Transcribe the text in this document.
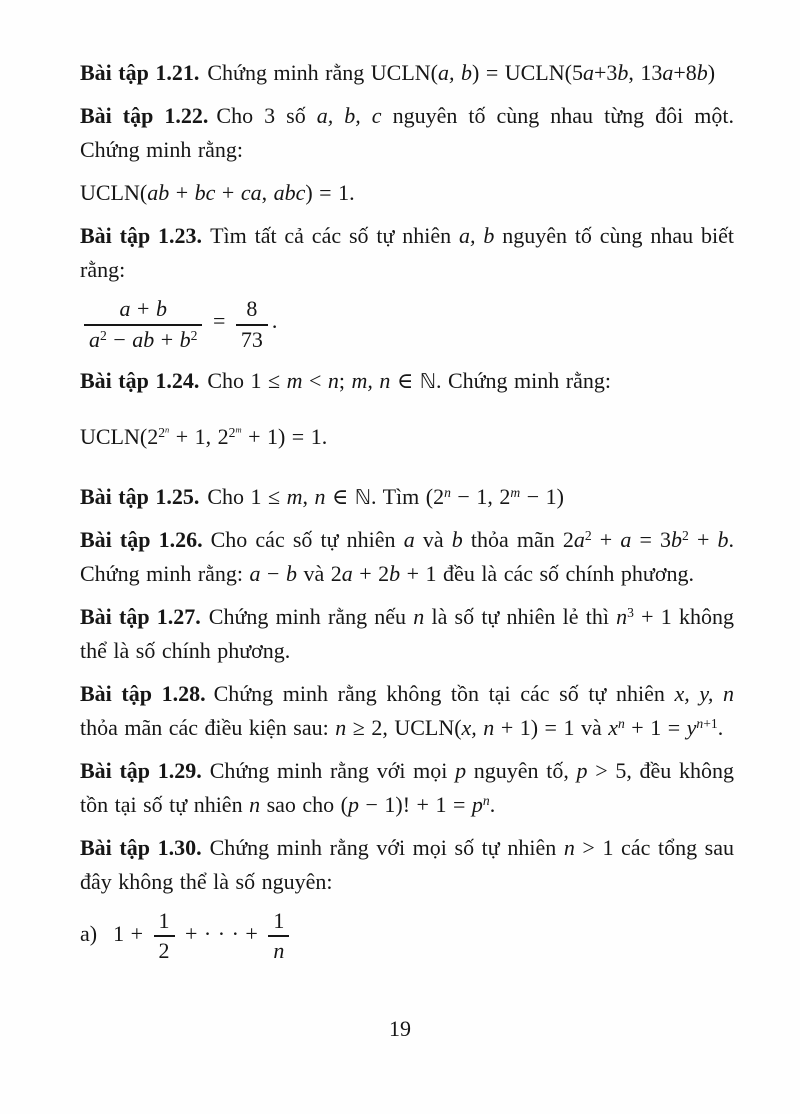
Bài tập 1.21. Chứng minh rằng UCLN(a, b) = UCLN(5a+3b, 13a+8b)

Bài tập 1.22. Cho 3 số a, b, c nguyên tố cùng nhau từng đôi một. Chứng minh rằng:

UCLN(ab + bc + ca, abc) = 1.

Bài tập 1.23. Tìm tất cả các số tự nhiên a, b nguyên tố cùng nhau biết rằng:

$\frac{a + b}{a^2 - ab + b^2} = \frac{8}{73}$ .

Bài tập 1.24. Cho 1 ≤ m < n; m, n ∈ ℕ. Chứng minh rằng:

$UCLN(2^{2^n} + 1$, $2^{2^m} + 1) = 1$.

Bài tập 1.25. Cho 1 ≤ m, n ∈ ℕ. Tìm ($2^n - 1$, $2^m - 1$)

Bài tập 1.26. Cho các số tự nhiên a và b thỏa mãn $2a^2 + a = 3b^2 + b$. Chứng minh rằng: a − b và 2a + 2b + 1 đều là các số chính phương.

Bài tập 1.27. Chứng minh rằng nếu n là số tự nhiên lẻ thì $n^3 + 1$ không thể là số chính phương.

Bài tập 1.28. Chứng minh rằng không tồn tại các số tự nhiên x, y, n thỏa mãn các điều kiện sau: n ≥ 2, UCLN(x, n + 1) = 1 và $x^n + 1 = y^{n+1}$.

Bài tập 1.29. Chứng minh rằng với mọi p nguyên tố, p > 5, đều không tồn tại số tự nhiên n sao cho (p − 1)! + $1 = p^n$.

Bài tập 1.30. Chứng minh rằng với mọi số tự nhiên n > 1 các tổng sau đây không thể là số nguyên:

a) $1 + \frac{1}{2}$ + · · · + $\frac{1}{n}$

19
